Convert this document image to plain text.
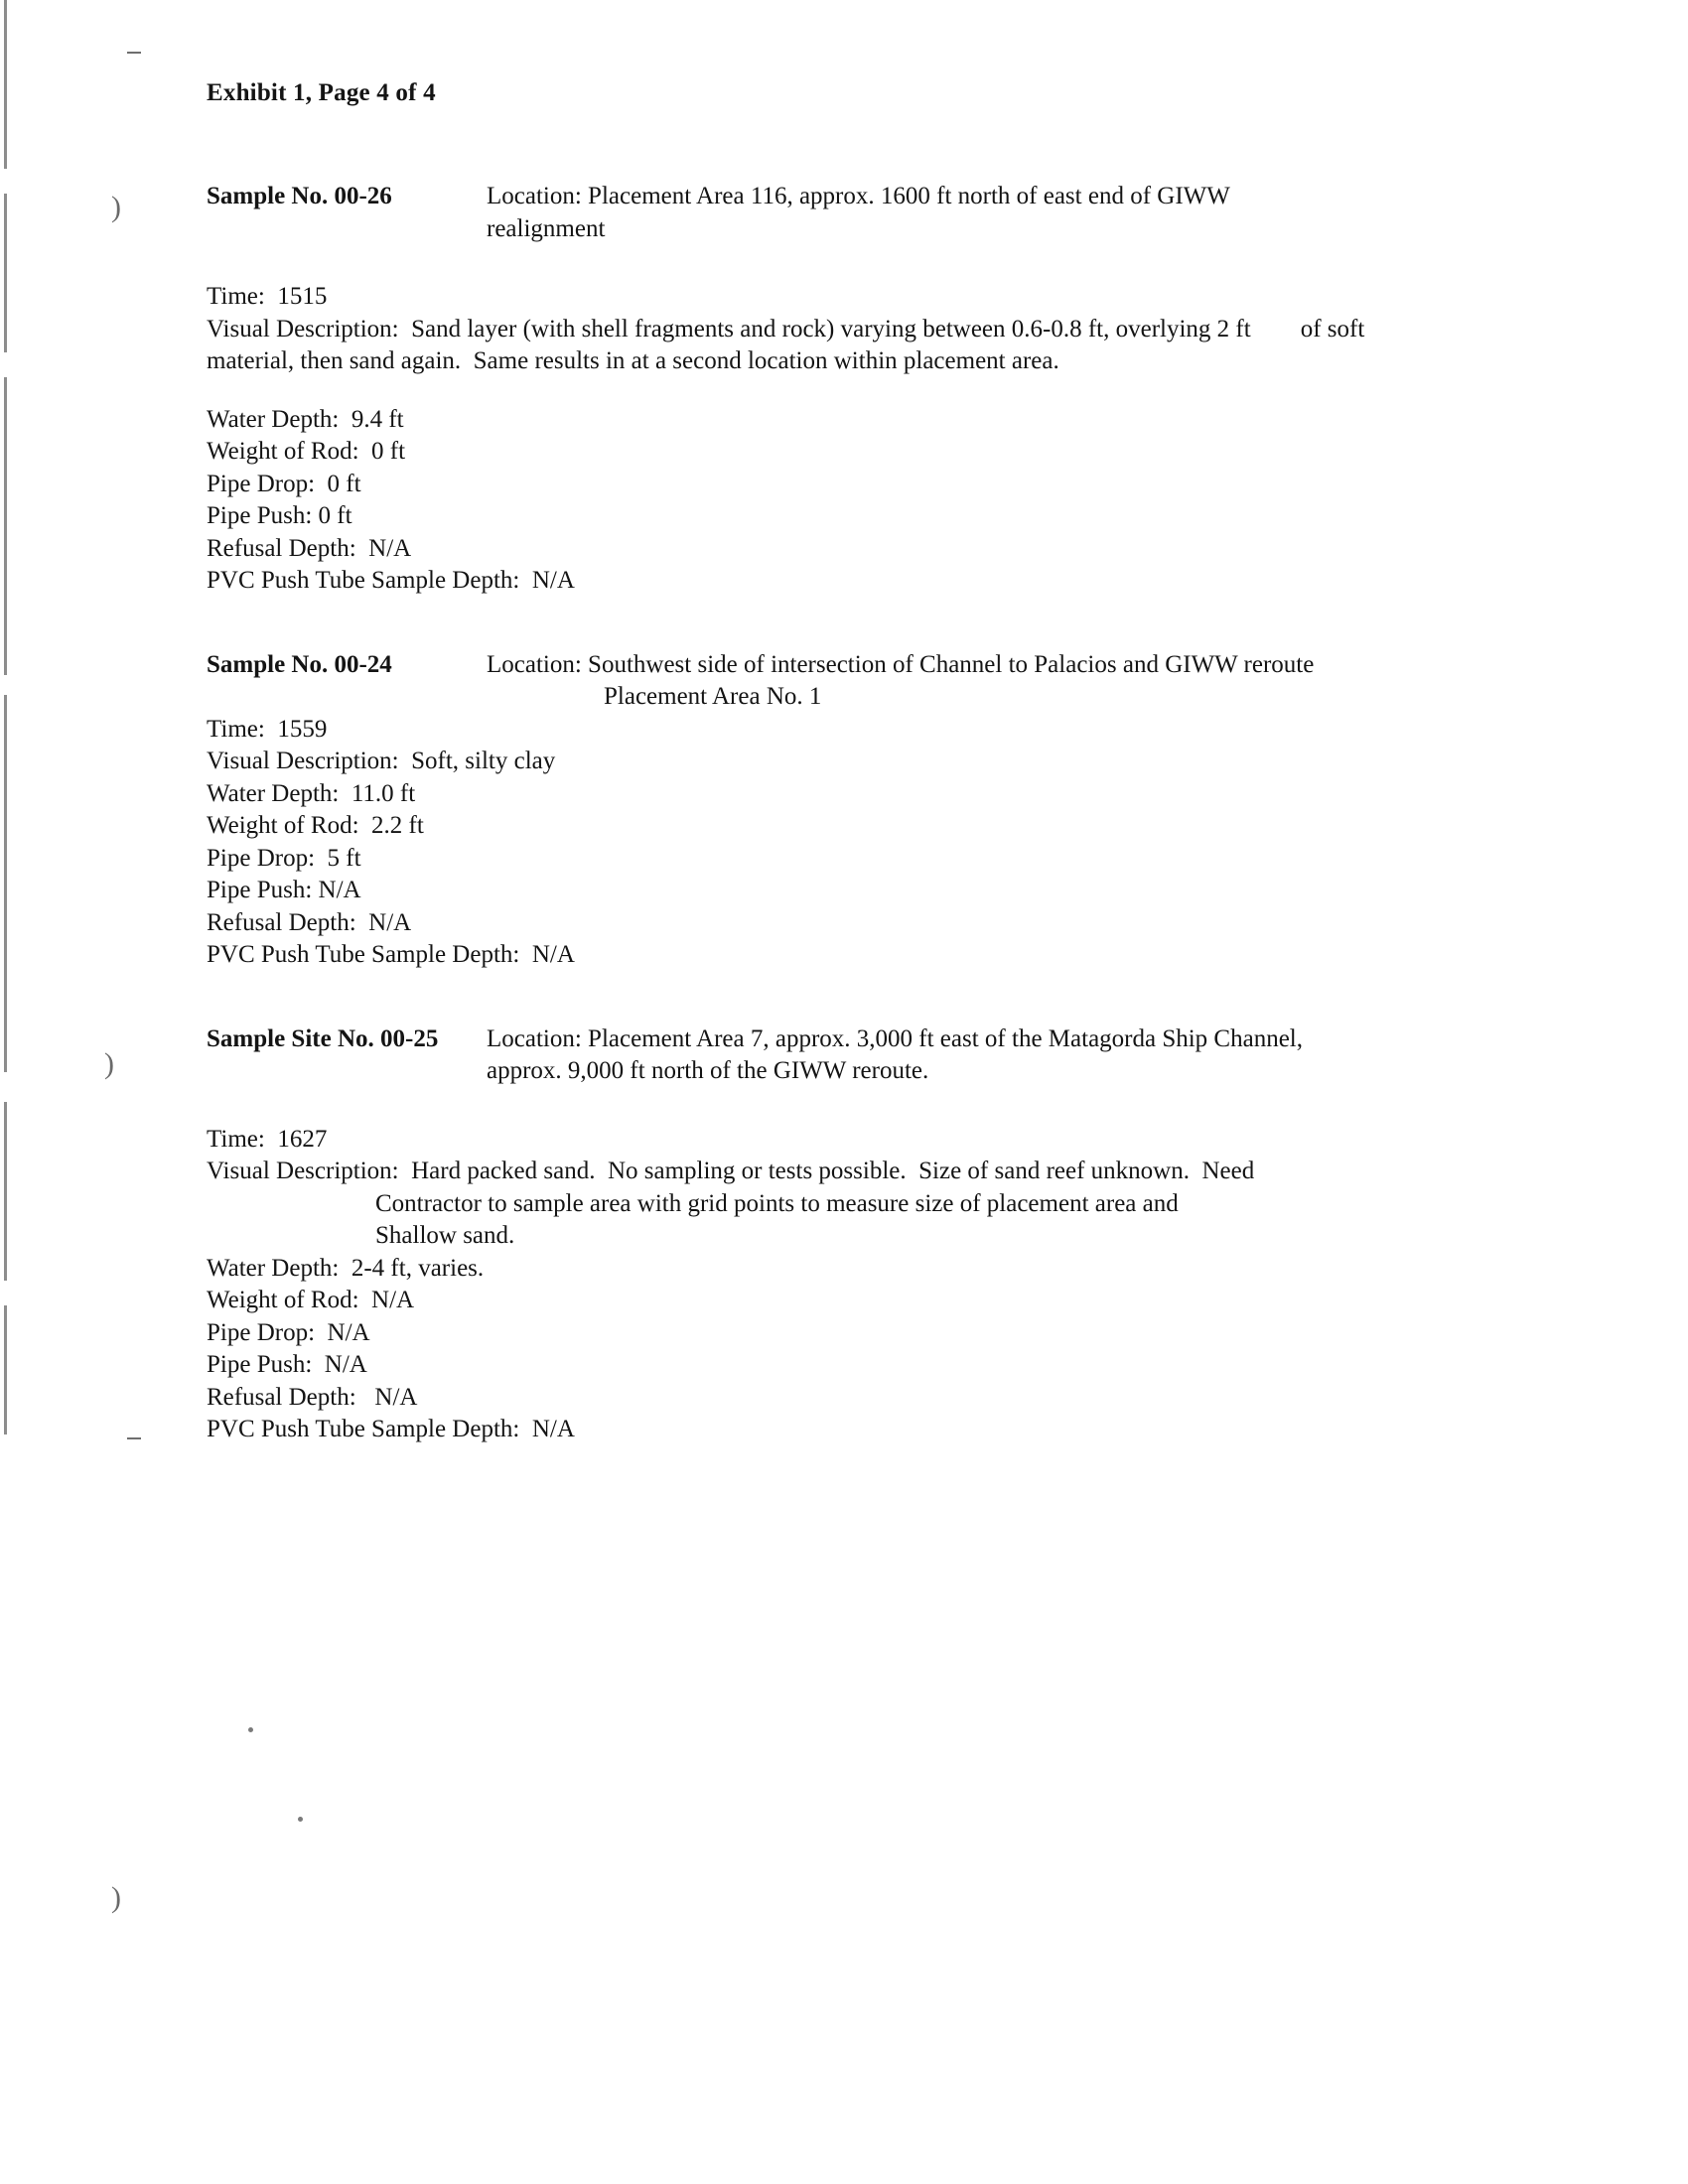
)
)
)
Exhibit 1, Page 4 of 4
Sample No. 00-26	Location: Placement Area 116, approx. 1600 ft north of east end of GIWW
realignment
Time:  1515
Visual Description:  Sand layer (with shell fragments and rock) varying between 0.6-0.8 ft, overlying 2 ft        of soft
material, then sand again.  Same results in at a second location within placement area.
Water Depth:  9.4 ft
Weight of Rod:  0 ft
Pipe Drop:  0 ft
Pipe Push: 0 ft
Refusal Depth:  N/A
PVC Push Tube Sample Depth:  N/A
Sample No. 00-24	Location: Southwest side of intersection of Channel to Palacios and GIWW reroute
Placement Area No. 1
Time:  1559
Visual Description:  Soft, silty clay
Water Depth:  11.0 ft
Weight of Rod:  2.2 ft
Pipe Drop:  5 ft
Pipe Push: N/A
Refusal Depth:  N/A
PVC Push Tube Sample Depth:  N/A
Sample Site No. 00-25	Location: Placement Area 7, approx. 3,000 ft east of the Matagorda Ship Channel,
approx. 9,000 ft north of the GIWW reroute.
Time:  1627
Visual Description:  Hard packed sand.  No sampling or tests possible.  Size of sand reef unknown.  Need
Contractor to sample area with grid points to measure size of placement area and
Shallow sand.
Water Depth:  2-4 ft, varies.
Weight of Rod:  N/A
Pipe Drop:  N/A
Pipe Push:  N/A
Refusal Depth:   N/A
PVC Push Tube Sample Depth:  N/A
